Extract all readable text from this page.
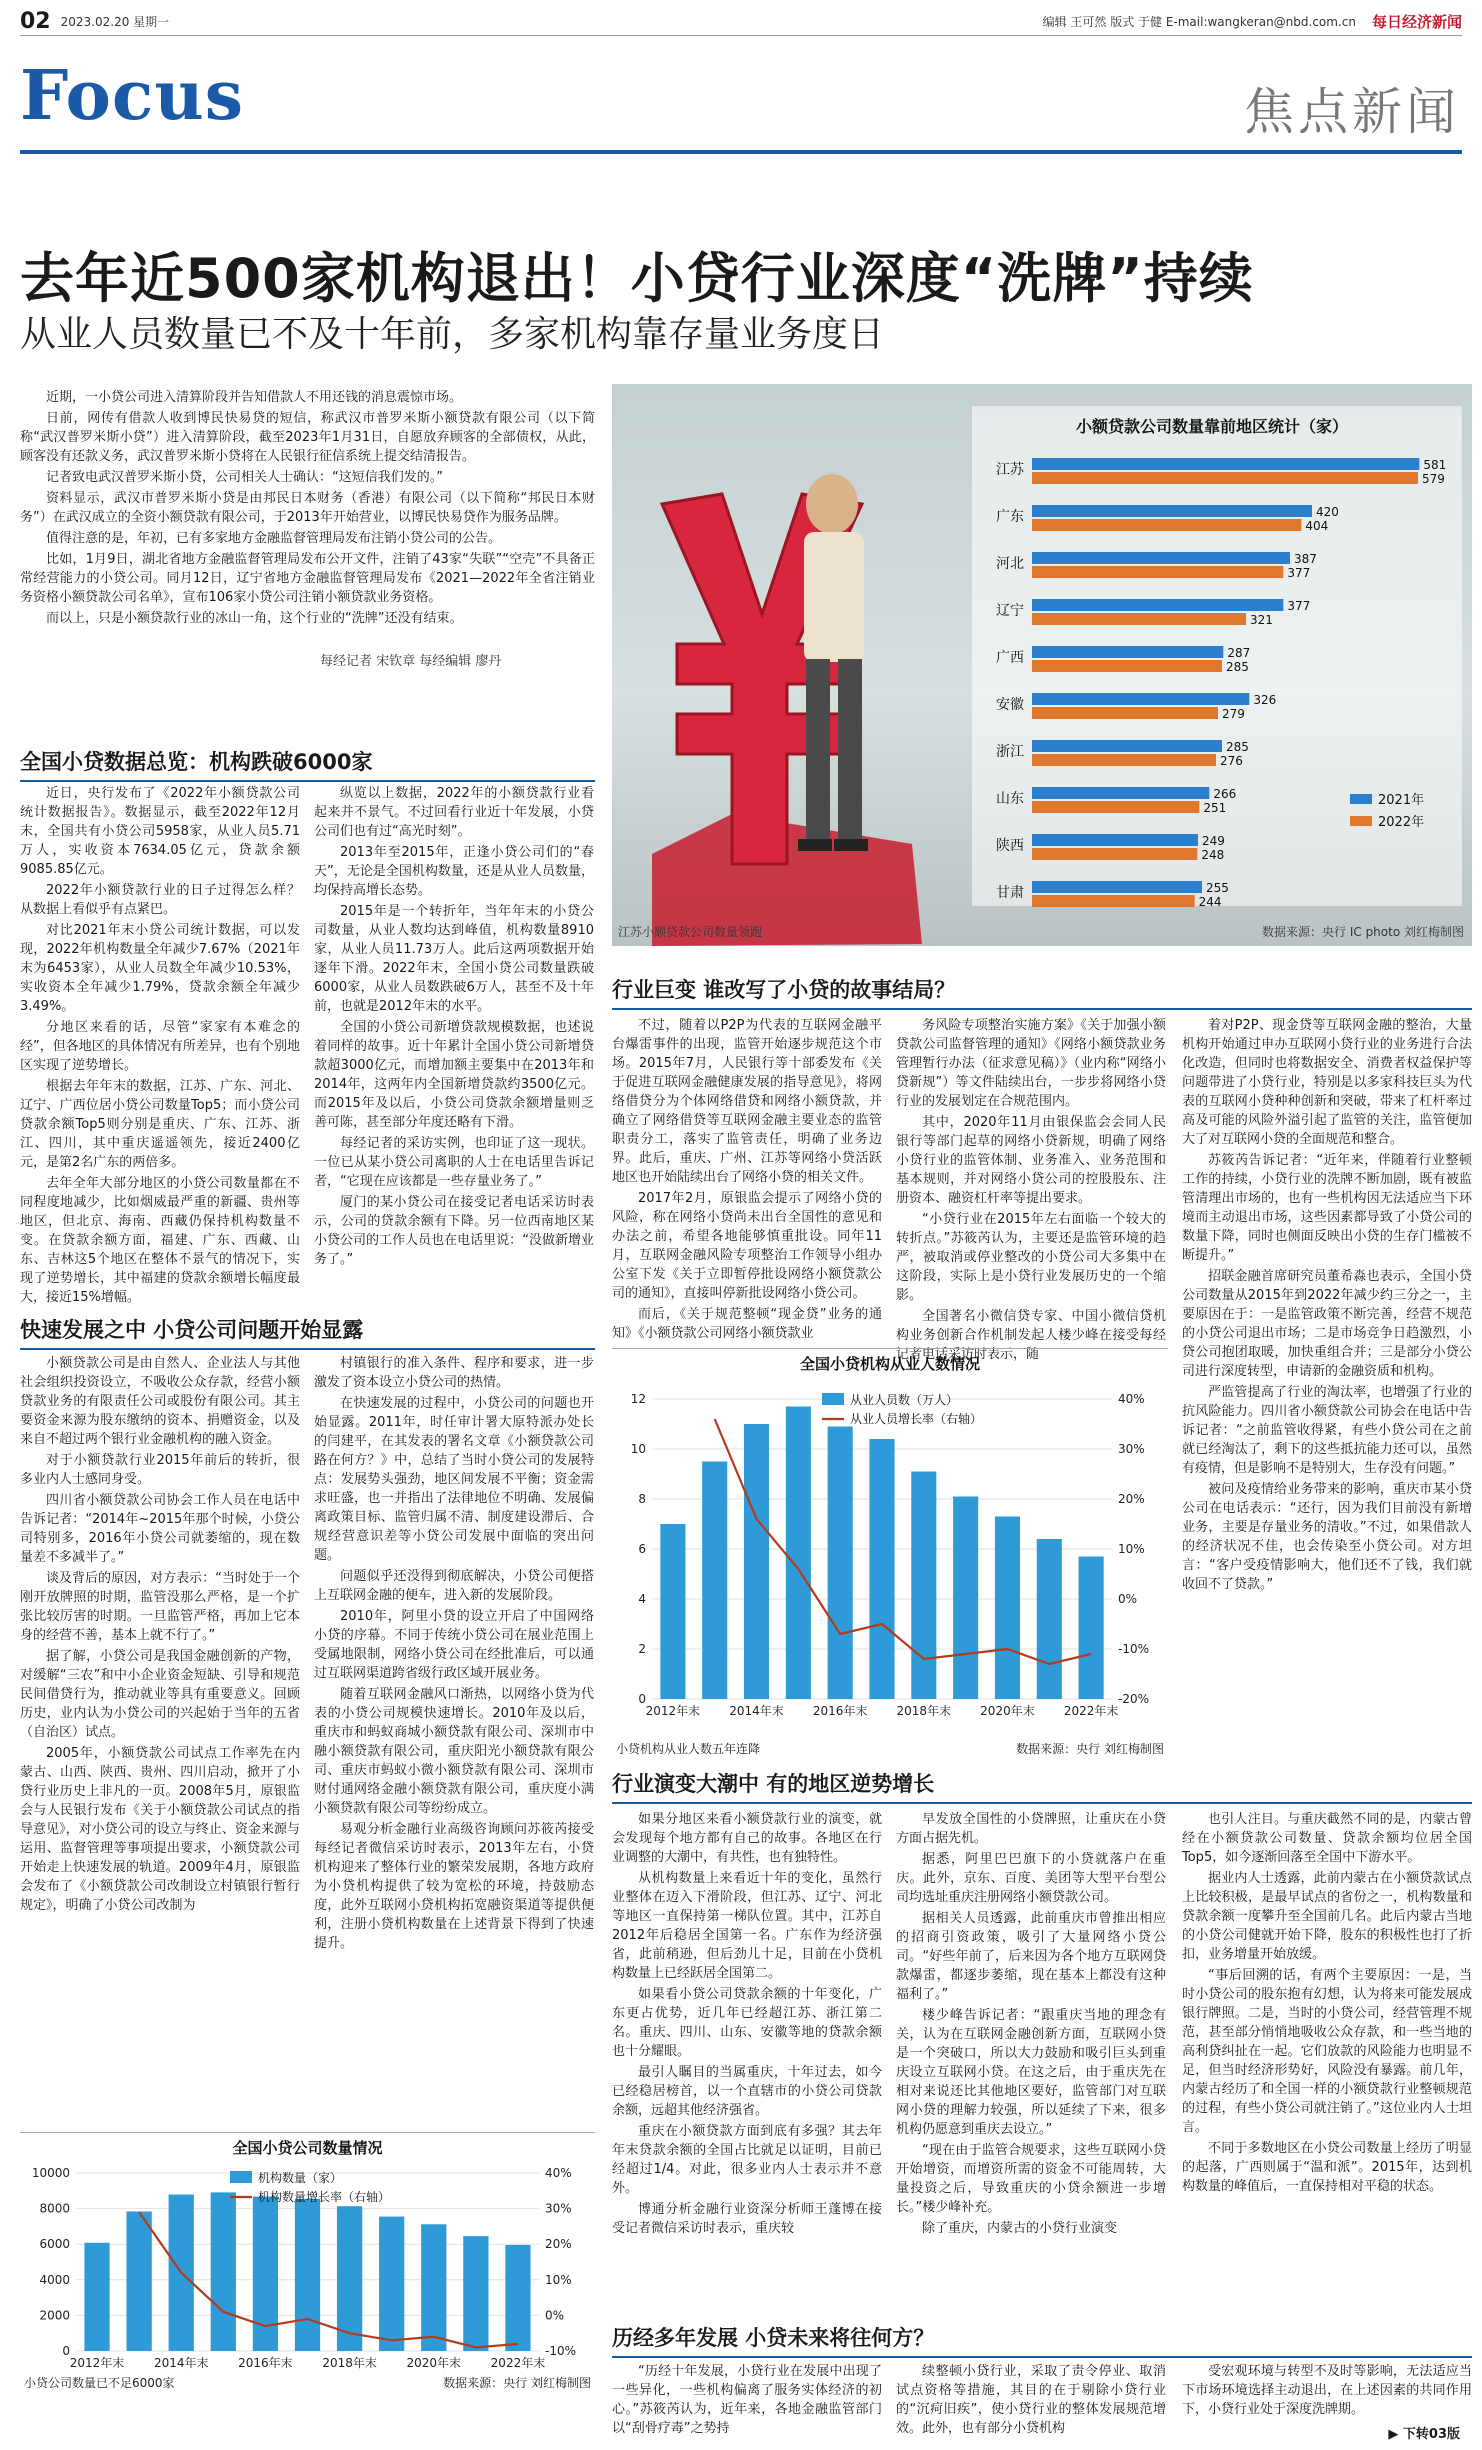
02 2023.02.20 星期一	编辑 王可然 版式 于健 E-mail:wangkeran@nbd.com.cn 每日经济新闻
Focus	焦点新闻
去年近500家机构退出！小贷行业深度“洗牌”持续
从业人员数量已不及十年前，多家机构靠存量业务度日

近期，一小贷公司进入清算阶段并告知借款人不用还钱的消息震惊市场。

日前，网传有借款人收到博民快易贷的短信，称武汉市普罗米斯小额贷款有限公司（以下简称“武汉普罗米斯小贷”）进入清算阶段，截至2023年1月31日，自愿放弃顾客的全部债权，从此，顾客没有还款义务，武汉普罗米斯小贷将在人民银行征信系统上提交结清报告。

记者致电武汉普罗米斯小贷，公司相关人士确认：“这短信我们发的。”

资料显示，武汉市普罗米斯小贷是由邦民日本财务（香港）有限公司（以下简称“邦民日本财务”）在武汉成立的全资小额贷款有限公司，于2013年开始营业，以博民快易贷作为服务品牌。

值得注意的是，年初，已有多家地方金融监督管理局发布注销小贷公司的公告。

比如，1月9日，湖北省地方金融监督管理局发布公开文件，注销了43家“失联”“空壳”不具备正常经营能力的小贷公司。同月12日，辽宁省地方金融监督管理局发布《2021—2022年全省注销业务资格小额贷款公司名单》，宣布106家小贷公司注销小额贷款业务资格。

而以上，只是小额贷款行业的冰山一角，这个行业的“洗牌”还没有结束。

每经记者 宋钦章 每经编辑 廖丹
全国小贷数据总览：机构跌破6000家

近日，央行发布了《2022年小额贷款公司统计数据报告》。数据显示，截至2022年12月末，全国共有小贷公司5958家，从业人员5.71万人，实收资本7634.05亿元，贷款余额9085.85亿元。

2022年小额贷款行业的日子过得怎么样？从数据上看似乎有点紧巴。

对比2021年末小贷公司统计数据，可以发现，2022年机构数量全年减少7.67%（2021年末为6453家），从业人员数全年减少10.53%，实收资本全年减少1.79%，贷款余额全年减少3.49%。

分地区来看的话，尽管“家家有本难念的经”，但各地区的具体情况有所差异，也有个别地区实现了逆势增长。

根据去年年末的数据，江苏、广东、河北、辽宁、广西位居小贷公司数量Top5；而小贷公司贷款余额Top5则分别是重庆、广东、江苏、浙江、四川，其中重庆遥遥领先，接近2400亿元，是第2名广东的两倍多。

去年全年大部分地区的小贷公司数量都在不同程度地减少，比如烟威最严重的新疆、贵州等地区，但北京、海南、西藏仍保持机构数量不变。在贷款余额方面，福建、广东、西藏、山东、吉林这5个地区在整体不景气的情况下，实现了逆势增长，其中福建的贷款余额增长幅度最大，接近15%增幅。

纵览以上数据，2022年的小额贷款行业看起来并不景气。不过回看行业近十年发展，小贷公司们也有过“高光时刻”。

2013年至2015年，正逢小贷公司们的“春天”，无论是全国机构数量，还是从业人员数量，均保持高增长态势。

2015年是一个转折年，当年年末的小贷公司数量，从业人数均达到峰值，机构数量8910家，从业人员11.73万人。此后这两项数据开始逐年下滑。2022年末，全国小贷公司数量跌破6000家，从业人员数跌破6万人，甚至不及十年前，也就是2012年末的水平。

全国的小贷公司新增贷款规模数据，也述说着同样的故事。近十年累计全国小贷公司新增贷款超3000亿元，而增加额主要集中在2013年和2014年，这两年内全国新增贷款约3500亿元。而2015年及以后，小贷公司贷款余额增量则乏善可陈，甚至部分年度还略有下滑。

每经记者的采访实例，也印证了这一现状。一位已从某小贷公司离职的人士在电话里告诉记者，“它现在应该都是一些存量业务了。”

厦门的某小贷公司在接受记者电话采访时表示，公司的贷款余额有下降。另一位西南地区某小贷公司的工作人员也在电话里说：“没做新增业务了。”

快速发展之中 小贷公司问题开始显露

小额贷款公司是由自然人、企业法人与其他社会组织投资设立，不吸收公众存款，经营小额贷款业务的有限责任公司或股份有限公司。其主要资金来源为股东缴纳的资本、捐赠资金，以及来自不超过两个银行业金融机构的融入资金。

对于小额贷款行业2015年前后的转折，很多业内人士感同身受。

四川省小额贷款公司协会工作人员在电话中告诉记者：“2014年~2015年那个时候，小贷公司特别多，2016年小贷公司就萎缩的，现在数量差不多减半了。”

谈及背后的原因，对方表示：“当时处于一个刚开放牌照的时期，监管没那么严格，是一个扩张比较厉害的时期。一旦监管严格，再加上它本身的经营不善，基本上就不行了。”

据了解，小贷公司是我国金融创新的产物，对缓解“三农”和中小企业资金短缺、引导和规范民间借贷行为，推动就业等具有重要意义。回顾历史，业内认为小贷公司的兴起始于当年的五省（自治区）试点。

2005年，小额贷款公司试点工作率先在内蒙古、山西、陕西、贵州、四川启动，掀开了小贷行业历史上非凡的一页。2008年5月，原银监会与人民银行发布《关于小额贷款公司试点的指导意见》，对小贷公司的设立与终止、资金来源与运用、监督管理等事项提出要求，小额贷款公司开始走上快速发展的轨道。2009年4月，原银监会发布了《小额贷款公司改制设立村镇银行暂行规定》，明确了小贷公司改制为

村镇银行的准入条件、程序和要求，进一步激发了资本设立小贷公司的热情。

在快速发展的过程中，小贷公司的问题也开始显露。2011年，时任审计署大原特派办处长的闫建平，在其发表的署名文章《小额贷款公司路在何方？》中，总结了当时小贷公司的发展特点：发展势头强劲，地区间发展不平衡；资金需求旺盛，也一并指出了法律地位不明确、发展偏离政策目标、监管归属不清、制度建设滞后、合规经营意识差等小贷公司发展中面临的突出问题。

问题似乎还没得到彻底解决，小贷公司便搭上互联网金融的便车，进入新的发展阶段。

2010年，阿里小贷的设立开启了中国网络小贷的序幕。不同于传统小贷公司在展业范围上受属地限制，网络小贷公司在经批准后，可以通过互联网渠道跨省级行政区域开展业务。

随着互联网金融风口渐热，以网络小贷为代表的小贷公司规模快速增长。2010年及以后，重庆市和蚂蚁商城小额贷款有限公司、深圳市中融小额贷款有限公司，重庆阳光小额贷款有限公司、重庆市蚂蚁小微小额贷款有限公司、深圳市财付通网络金融小额贷款有限公司，重庆度小满小额贷款有限公司等纷纷成立。

易观分析金融行业高级咨询顾问苏筱芮接受每经记者微信采访时表示，2013年左右，小贷机构迎来了整体行业的繁荣发展期，各地方政府为小贷机构提供了较为宽松的环境，持鼓励态度，此外互联网小贷机构拓宽融资渠道等提供便利，注册小贷机构数量在上述背景下得到了快速提升。

全国小贷公司数量情况
0
2000
4000
6000
8000
10000
-10%
0%
10%
20%
30%
40%
2012年末 2014年末 2016年末 2018年末 2020年末 2022年末
机构数量（家）
机构数量增长率（右轴）
小贷公司数量已不足6000家	数据来源：央行 刘红梅制图
小额贷款公司数量靠前地区统计（家）
江苏	581
579
广东	420
404
河北	387
377
辽宁	377
321
广西	287
285
安徽	326
279
浙江	285
276
山东	266
251
陕西	249
248
甘肃	255
244
2021年
2022年
江苏小额贷款公司数量领跑	数据来源：央行 IC photo 刘红梅制图
行业巨变 谁改写了小贷的故事结局？

不过，随着以P2P为代表的互联网金融平台爆雷事件的出现，监管开始逐步规范这个市场。2015年7月，人民银行等十部委发布《关于促进互联网金融健康发展的指导意见》，将网络借贷分为个体网络借贷和网络小额贷款，并确立了网络借贷等互联网金融主要业态的监管职责分工，落实了监管责任，明确了业务边界。此后，重庆、广州、江苏等网络小贷活跃地区也开始陆续出台了网络小贷的相关文件。

2017年2月，原银监会提示了网络小贷的风险，称在网络小贷尚未出台全国性的意见和办法之前，希望各地能够慎重批设。同年11月，互联网金融风险专项整治工作领导小组办公室下发《关于立即暂停批设网络小额贷款公司的通知》，直接叫停新批设网络小贷公司。

而后，《关于规范整顿“现金贷”业务的通知》《小额贷款公司网络小额贷款业

务风险专项整治实施方案》《关于加强小额贷款公司监督管理的通知》《网络小额贷款业务管理暂行办法（征求意见稿）》（业内称“网络小贷新规”）等文件陆续出台，一步步将网络小贷行业的发展划定在合规范围内。

其中，2020年11月由银保监会会同人民银行等部门起草的网络小贷新规，明确了网络小贷行业的监管体制、业务准入、业务范围和基本规则，并对网络小贷公司的控股股东、注册资本、融资杠杆率等提出要求。

“小贷行业在2015年左右面临一个较大的转折点。”苏筱芮认为，主要还是监管环境的趋严，被取消或停业整改的小贷公司大多集中在这阶段，实际上是小贷行业发展历史的一个缩影。

全国著名小微信贷专家、中国小微信贷机构业务创新合作机制发起人楼少峰在接受每经记者电话采访时表示，随

着对P2P、现金贷等互联网金融的整治，大量机构开始通过申办互联网小贷行业的业务进行合法化改造，但同时也将数据安全、消费者权益保护等问题带进了小贷行业，特别是以多家科技巨头为代表的互联网小贷种种创新和突破，带来了杠杆率过高及可能的风险外溢引起了监管的关注，监管便加大了对互联网小贷的全面规范和整合。

苏筱芮告诉记者：“近年来，伴随着行业整顿工作的持续，小贷行业的洗牌不断加剧，既有被监管清理出市场的，也有一些机构因无法适应当下环境而主动退出市场，这些因素都导致了小贷公司的数量下降，同时也侧面反映出小贷的生存门槛被不断提升。”

招联金融首席研究员董希淼也表示，全国小贷公司数量从2015年到2022年减少约三分之一，主要原因在于：一是监管政策不断完善，经营不规范的小贷公司退出市场；二是市场竞争日趋激烈，小贷公司抱团取暖，加快重组合并；三是部分小贷公司进行深度转型，申请新的金融资质和机构。

严监管提高了行业的淘汰率，也增强了行业的抗风险能力。四川省小额贷款公司协会在电话中告诉记者：“之前监管收得紧，有些小贷公司在之前就已经淘汰了，剩下的这些抵抗能力还可以，虽然有疫情，但是影响不是特别大，生存没有问题。”

被问及疫情给业务带来的影响，重庆市某小贷公司在电话表示：“还行，因为我们目前没有新增业务，主要是存量业务的清收。”不过，如果借款人的经济状况不佳，也会传染至小贷公司。对方坦言：“客户受疫情影响大，他们还不了钱，我们就收回不了贷款。”

全国小贷机构从业人数情况
0
2
4
6
8
10
12
-20%
-10%
0%
10%
20%
30%
40%
2012年末 2014年末 2016年末 2018年末 2020年末 2022年末
从业人员数（万人）
从业人员增长率（右轴）
小贷机构从业人数五年连降	数据来源：央行 刘红梅制图
行业演变大潮中 有的地区逆势增长

如果分地区来看小额贷款行业的演变，就会发现每个地方都有自己的故事。各地区在行业调整的大潮中，有共性，也有独特性。

从机构数量上来看近十年的变化，虽然行业整体在迈入下滑阶段，但江苏、辽宁、河北等地区一直保持第一梯队位置。其中，江苏自2012年后稳居全国第一名。广东作为经济强省，此前稍逊，但后劲儿十足，目前在小贷机构数量上已经跃居全国第二。

如果看小贷公司贷款余额的十年变化，广东更占优势，近几年已经超江苏、浙江第二名。重庆、四川、山东、安徽等地的贷款余额也十分耀眼。

最引人瞩目的当属重庆，十年过去，如今已经稳居榜首，以一个直辖市的小贷公司贷款余额，远超其他经济强省。

重庆在小额贷款方面到底有多强？其去年年末贷款余额的全国占比就足以证明，目前已经超过1/4。对此，很多业内人士表示并不意外。

博通分析金融行业资深分析师王蓬博在接受记者微信采访时表示，重庆较

早发放全国性的小贷牌照，让重庆在小贷方面占据先机。

据悉，阿里巴巴旗下的小贷就落户在重庆。此外，京东、百度、美团等大型平台型公司均选址重庆注册网络小额贷款公司。

据相关人员透露，此前重庆市曾推出相应的招商引资政策，吸引了大量网络小贷公司。“好些年前了，后来因为各个地方互联网贷款爆雷，都逐步萎缩，现在基本上都没有这种福利了。”

楼少峰告诉记者：“跟重庆当地的理念有关，认为在互联网金融创新方面，互联网小贷是一个突破口，所以大力鼓励和吸引巨头到重庆设立互联网小贷。在这之后，由于重庆先在相对来说还比其他地区要好，监管部门对互联网小贷的理解力较强，所以延续了下来，很多机构仍愿意到重庆去设立。”

“现在由于监管合规要求，这些互联网小贷开始增资，而增资所需的资金不可能周转，大量投资之后，导致重庆的小贷余额进一步增长。”楼少峰补充。

除了重庆，内蒙古的小贷行业演变

也引人注目。与重庆截然不同的是，内蒙古曾经在小额贷款公司数量、贷款余额均位居全国Top5，如今逐渐回落至全国中下游水平。

据业内人士透露，此前内蒙古在小额贷款试点上比较积极，是最早试点的省份之一，机构数量和贷款余额一度攀升至全国前几名。此后内蒙古当地的小贷公司健就开始下降，股东的积极性也打了折扣，业务增量开始放缓。

“事后回溯的话，有两个主要原因：一是，当时小贷公司的股东抱有幻想，认为将来可能发展成银行牌照。二是，当时的小贷公司，经营管理不规范，甚至部分悄悄地吸收公众存款，和一些当地的高利贷纠扯在一起。它们放款的风险能力也明显不足，但当时经济形势好，风险没有暴露。前几年，内蒙古经历了和全国一样的小额贷款行业整顿规范的过程，有些小贷公司就注销了。”这位业内人士坦言。

不同于多数地区在小贷公司数量上经历了明显的起落，广西则属于“温和派”。2015年，达到机构数量的峰值后，一直保持相对平稳的状态。

历经多年发展 小贷未来将往何方？

“历经十年发展，小贷行业在发展中出现了一些异化，一些机构偏离了服务实体经济的初心。”苏筱芮认为，近年来，各地金融监管部门以“刮骨疗毒”之势持

续整顿小贷行业，采取了责令停业、取消试点资格等措施，其目的在于剔除小贷行业的“沉疴旧疾”，使小贷行业的整体发展规范增效。此外，也有部分小贷机构

受宏观环境与转型不及时等影响，无法适应当下市场环境选择主动退出，在上述因素的共同作用下，小贷行业处于深度洗牌期。

▶ 下转03版
